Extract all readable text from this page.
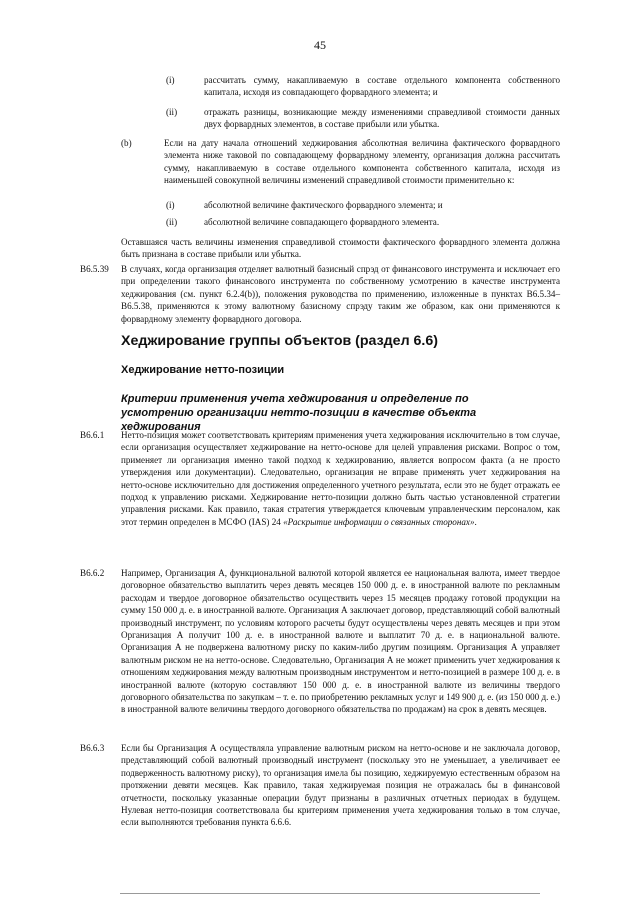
45
(i)	рассчитать сумму, накапливаемую в составе отдельного компонента собственного капитала, исходя из совпадающего форвардного элемента; и

(ii)	отражать разницы, возникающие между изменениями справедливой стоимости данных двух форвардных элементов, в составе прибыли или убытка.

(b)	Если на дату начала отношений хеджирования абсолютная величина фактического форвардного элемента ниже таковой по совпадающему форвардному элементу, организация должна рассчитать сумму, накапливаемую в составе отдельного компонента собственного капитала, исходя из наименьшей совокупной величины изменений справедливой стоимости применительно к:

(i)	абсолютной величине фактического форвардного элемента; и

(ii)	абсолютной величине совпадающего форвардного элемента.

Оставшаяся часть величины изменения справедливой стоимости фактического форвардного элемента должна быть признана в составе прибыли или убытка.

B6.5.39	В случаях, когда организация отделяет валютный базисный спрэд от финансового инструмента и исключает его при определении такого финансового инструмента по собственному усмотрению в качестве инструмента хеджирования (см. пункт 6.2.4(b)), положения руководства по применению, изложенные в пунктах B6.5.34–B6.5.38, применяются к этому валютному базисному спрэду таким же образом, как они применяются к форвардному элементу форвардного договора.

Хеджирование группы объектов (раздел 6.6)
Хеджирование нетто-позиции
Критерии применения учета хеджирования и определение по усмотрению организации нетто-позиции в качестве объекта хеджирования
B6.6.1	Нетто-позиция может соответствовать критериям применения учета хеджирования исключительно в том случае, если организация осуществляет хеджирование на нетто-основе для целей управления рисками. Вопрос о том, применяет ли организация именно такой подход к хеджированию, является вопросом факта (а не просто утверждения или документации). Следовательно, организация не вправе применять учет хеджирования на нетто-основе исключительно для достижения определенного учетного результата, если это не будет отражать ее подход к управлению рисками. Хеджирование нетто-позиции должно быть частью установленной стратегии управления рисками. Как правило, такая стратегия утверждается ключевым управленческим персоналом, как этот термин определен в МСФО (IAS) 24 «Раскрытие информации о связанных сторонах».

B6.6.2	Например, Организация А, функциональной валютой которой является ее национальная валюта, имеет твердое договорное обязательство выплатить через девять месяцев 150 000 д. е. в иностранной валюте по рекламным расходам и твердое договорное обязательство осуществить через 15 месяцев продажу готовой продукции на сумму 150 000 д. е. в иностранной валюте. Организация А заключает договор, представляющий собой валютный производный инструмент, по условиям которого расчеты будут осуществлены через девять месяцев и при этом Организация А получит 100 д. е. в иностранной валюте и выплатит 70 д. е. в национальной валюте. Организация А не подвержена валютному риску по каким-либо другим позициям. Организация А управляет валютным риском не на нетто-основе. Следовательно, Организация А не может применить учет хеджирования к отношениям хеджирования между валютным производным инструментом и нетто-позицией в размере 100 д. е. в иностранной валюте (которую составляют 150 000 д. е. в иностранной валюте из величины твердого договорного обязательства по закупкам – т. е. по приобретению рекламных услуг и 149 900 д. е. (из 150 000 д. е.) в иностранной валюте величины твердого договорного обязательства по продажам) на срок в девять месяцев.

B6.6.3	Если бы Организация А осуществляла управление валютным риском на нетто-основе и не заключала договор, представляющий собой валютный производный инструмент (поскольку это не уменьшает, а увеличивает ее подверженность валютному риску), то организация имела бы позицию, хеджируемую естественным образом на протяжении девяти месяцев. Как правило, такая хеджируемая позиция не отражалась бы в финансовой отчетности, поскольку указанные операции будут признаны в различных отчетных периодах в будущем. Нулевая нетто-позиция соответствовала бы критериям применения учета хеджирования только в том случае, если выполняются требования пункта 6.6.6.
